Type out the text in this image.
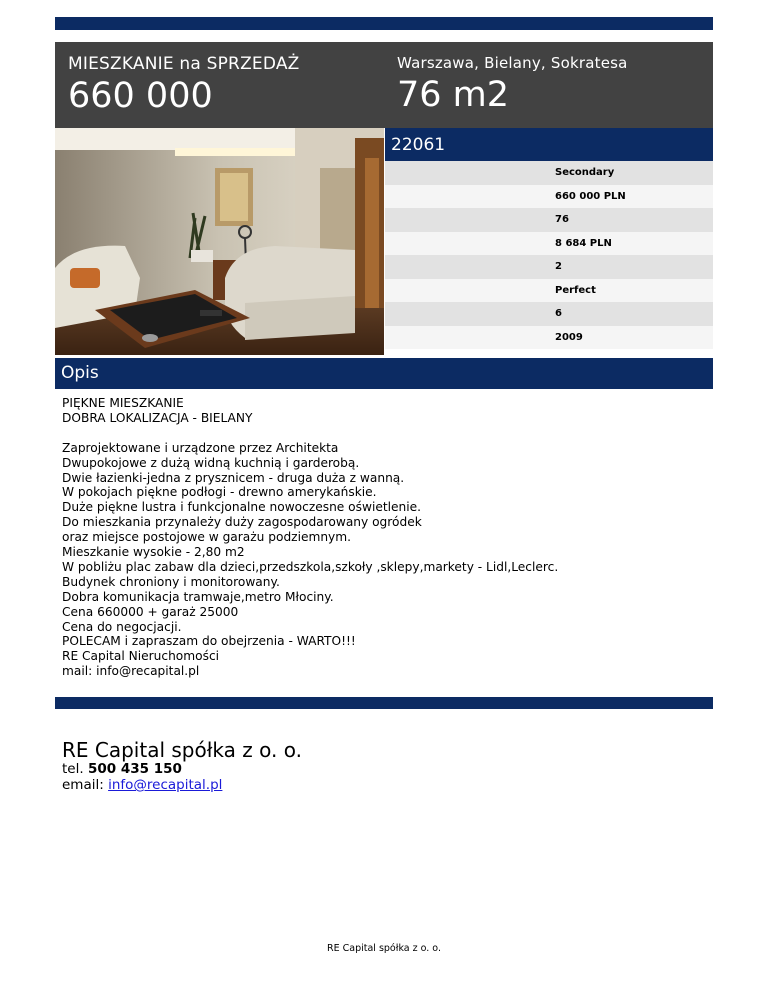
MIESZKANIE na SPRZEDAŻ
660 000
Warszawa, Bielany, Sokratesa
76 m2
22061
Secondary
660 000 PLN
76
8 684 PLN
2
Perfect
6
2009
Opis
PIĘKNE MIESZKANIE
DOBRA LOKALIZACJA - BIELANY
Zaprojektowane i urządzone przez Architekta
Dwupokojowe z dużą widną kuchnią i garderobą.
Dwie łazienki-jedna z prysznicem - druga duża z wanną.
W pokojach piękne podłogi - drewno amerykańskie.
Duże piękne lustra i funkcjonalne nowoczesne oświetlenie.
Do mieszkania przynależy duży zagospodarowany ogródek
oraz miejsce postojowe w garażu podziemnym.
Mieszkanie wysokie - 2,80 m2
W pobliżu plac zabaw dla dzieci,przedszkola,szkoły ,sklepy,markety - Lidl,Leclerc.
Budynek chroniony i monitorowany.
Dobra komunikacja tramwaje,metro Młociny.
Cena 660000 + garaż 25000
Cena do negocjacji.
POLECAM i zapraszam do obejrzenia - WARTO!!!
RE Capital Nieruchomości
mail: info@recapital.pl
RE Capital spółka z o. o.
tel. 500 435 150
email: info@recapital.pl
RE Capital spółka z o. o.
